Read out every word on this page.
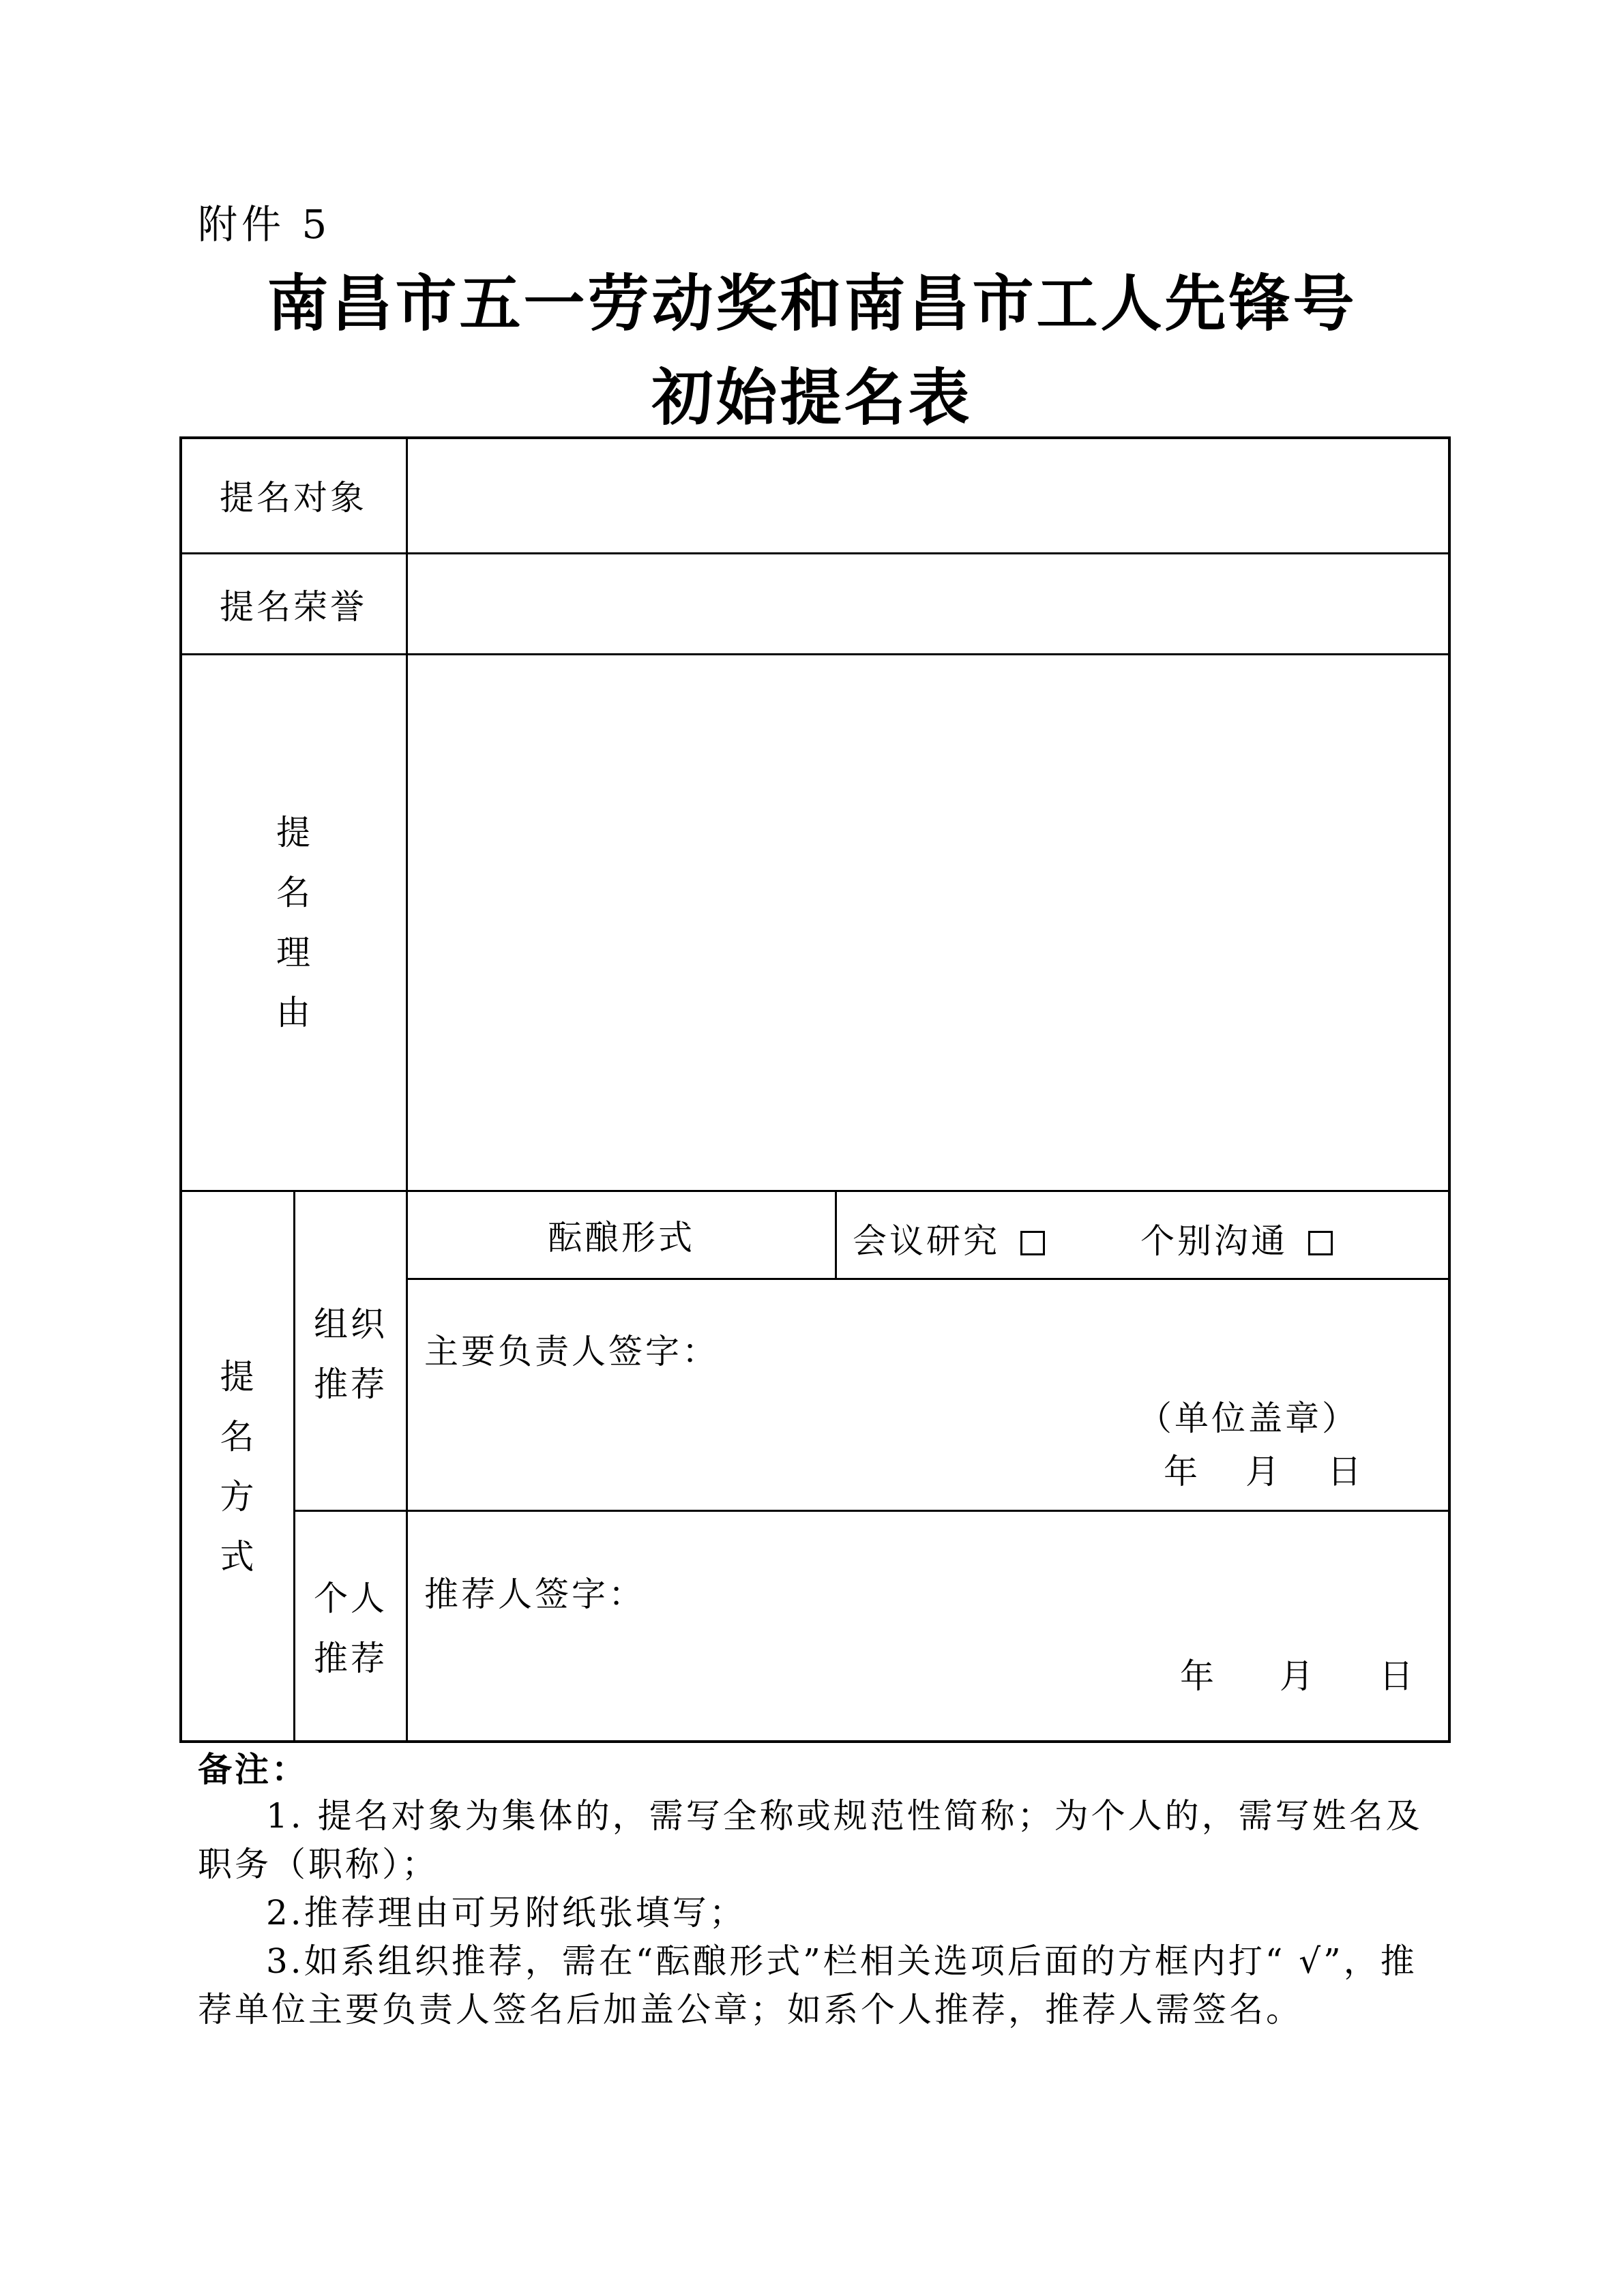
附件 5
南昌市五一劳动奖和南昌市工人先锋号
初始提名表
提名对象
提名荣誉
提
名
理
由
提
名
方
式
组织
推荐
酝酿形式	会议研究	个别沟通
主要负责人签字：
（单位盖章）
年 月 日
个人
推荐
推荐人签字：
年 月 日
备注：
1. 提名对象为集体的，需写全称或规范性简称；为个人的，需写姓名及职务（职称）；
2.推荐理由可另附纸张填写；
3.如系组织推荐，需在“酝酿形式”栏相关选项后面的方框内打“ √”，推荐单位主要负责人签名后加盖公章；如系个人推荐，推荐人需签名。
